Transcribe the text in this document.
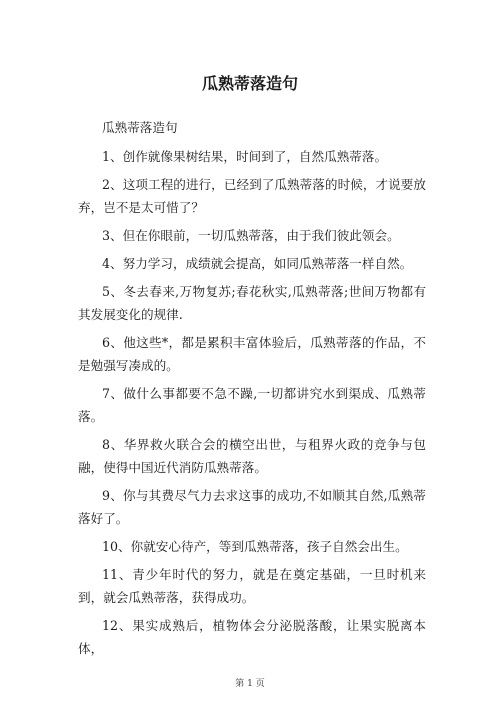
瓜熟蒂落造句

瓜熟蒂落造句

1、创作就像果树结果，时间到了，自然瓜熟蒂落。

2、这项工程的进行，已经到了瓜熟蒂落的时候，才说要放弃，岂不是太可惜了？

3、但在你眼前，一切瓜熟蒂落，由于我们彼此领会。

4、努力学习，成绩就会提高，如同瓜熟蒂落一样自然。

5、冬去春来,万物复苏;春花秋实,瓜熟蒂落;世间万物都有其发展变化的规律.

6、他这些*，都是累积丰富体验后，瓜熟蒂落的作品，不是勉强写凑成的。

7、做什么事都要不急不躁,一切都讲究水到渠成、瓜熟蒂落。

8、华界救火联合会的横空出世，与租界火政的竞争与包融，使得中国近代消防瓜熟蒂落。

9、你与其费尽气力去求这事的成功,不如顺其自然,瓜熟蒂落好了。

10、你就安心待产，等到瓜熟蒂落，孩子自然会出生。

11、青少年时代的努力，就是在奠定基础，一旦时机来到，就会瓜熟蒂落，获得成功。

12、果实成熟后，植物体会分泌脱落酸，让果实脱离本体，

第 1 页
